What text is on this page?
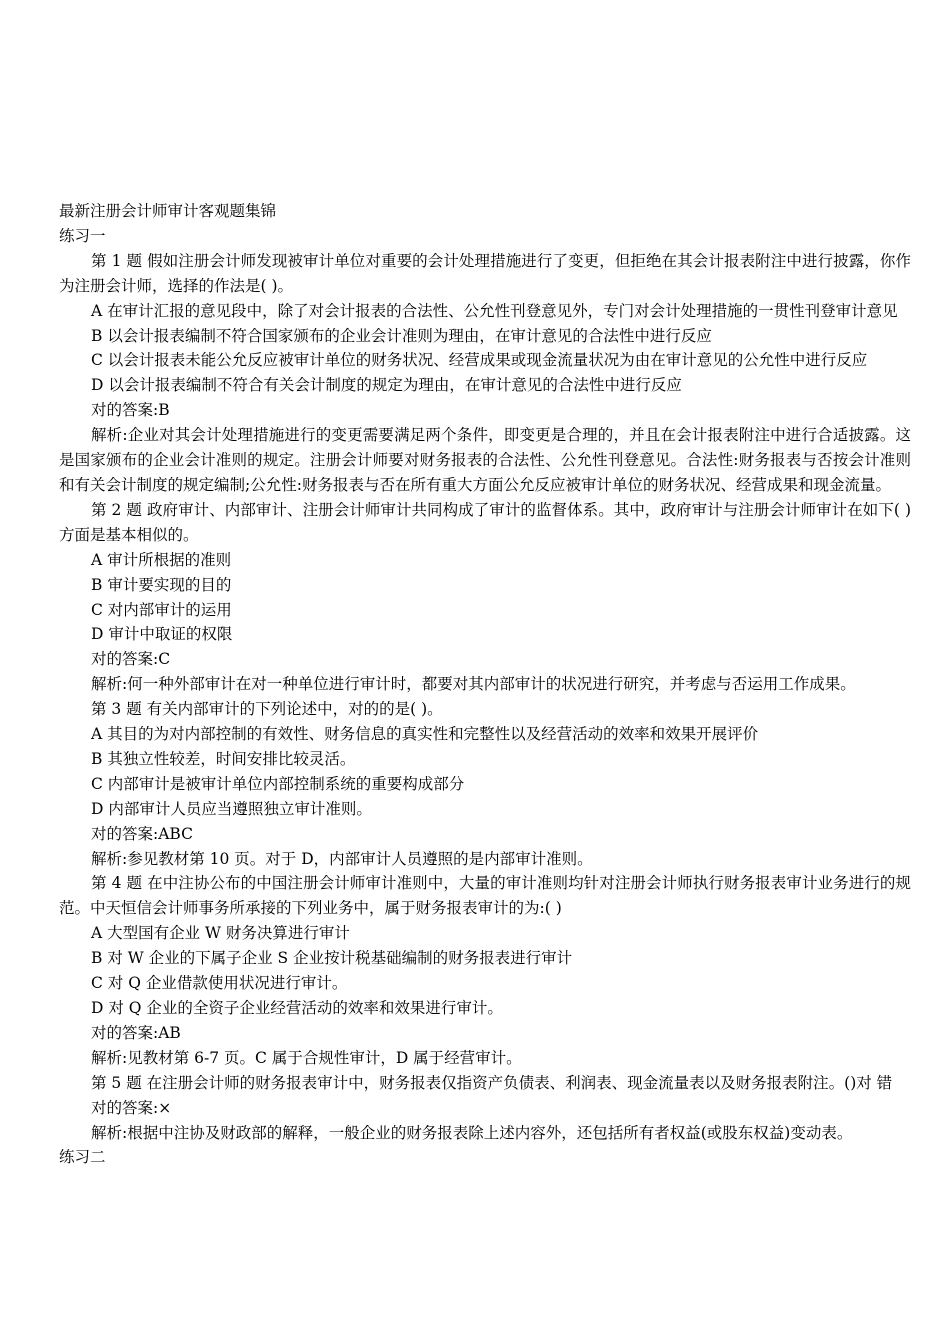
最新注册会计师审计客观题集锦

练习一

第 1 题 假如注册会计师发现被审计单位对重要的会计处理措施进行了变更，但拒绝在其会计报表附注中进行披露，你作为注册会计师，选择的作法是( )。

A 在审计汇报的意见段中，除了对会计报表的合法性、公允性刊登意见外，专门对会计处理措施的一贯性刊登审计意见

B 以会计报表编制不符合国家颁布的企业会计准则为理由，在审计意见的合法性中进行反应

C 以会计报表未能公允反应被审计单位的财务状况、经营成果或现金流量状况为由在审计意见的公允性中进行反应

D 以会计报表编制不符合有关会计制度的规定为理由，在审计意见的合法性中进行反应

对的答案:B

解析:企业对其会计处理措施进行的变更需要满足两个条件，即变更是合理的，并且在会计报表附注中进行合适披露。这是国家颁布的企业会计准则的规定。注册会计师要对财务报表的合法性、公允性刊登意见。合法性:财务报表与否按会计准则和有关会计制度的规定编制;公允性:财务报表与否在所有重大方面公允反应被审计单位的财务状况、经营成果和现金流量。

第 2 题 政府审计、内部审计、注册会计师审计共同构成了审计的监督体系。其中，政府审计与注册会计师审计在如下( )方面是基本相似的。

A 审计所根据的准则

B 审计要实现的目的

C 对内部审计的运用

D 审计中取证的权限

对的答案:C

解析:何一种外部审计在对一种单位进行审计时，都要对其内部审计的状况进行研究，并考虑与否运用工作成果。

第 3 题 有关内部审计的下列论述中，对的的是( )。

A 其目的为对内部控制的有效性、财务信息的真实性和完整性以及经营活动的效率和效果开展评价

B 其独立性较差，时间安排比较灵活。

C 内部审计是被审计单位内部控制系统的重要构成部分

D 内部审计人员应当遵照独立审计准则。

对的答案:ABC

解析:参见教材第 10 页。对于 D，内部审计人员遵照的是内部审计准则。

第 4 题 在中注协公布的中国注册会计师审计准则中，大量的审计准则均针对注册会计师执行财务报表审计业务进行的规范。中天恒信会计师事务所承接的下列业务中，属于财务报表审计的为:( )

A 大型国有企业 W 财务决算进行审计

B 对 W 企业的下属子企业 S 企业按计税基础编制的财务报表进行审计

C 对 Q 企业借款使用状况进行审计。

D 对 Q 企业的全资子企业经营活动的效率和效果进行审计。

对的答案:AB

解析:见教材第 6-7 页。C 属于合规性审计，D 属于经营审计。

第 5 题 在注册会计师的财务报表审计中，财务报表仅指资产负债表、利润表、现金流量表以及财务报表附注。()对 错

对的答案:×

解析:根据中注协及财政部的解释，一般企业的财务报表除上述内容外，还包括所有者权益(或股东权益)变动表。

练习二
